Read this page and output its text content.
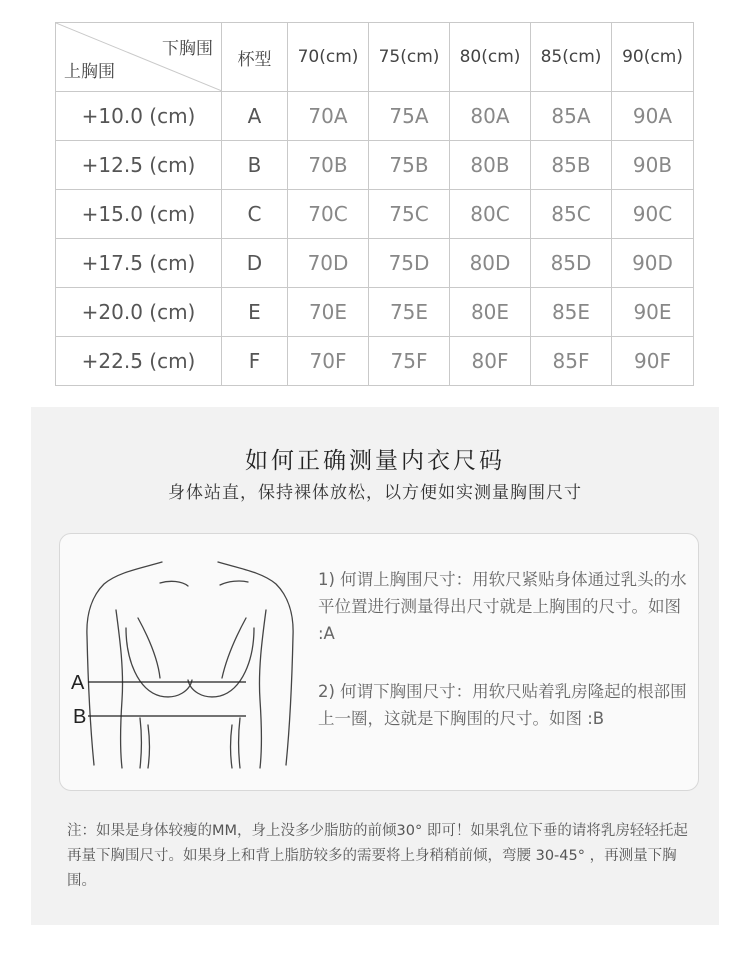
下胸围
上胸围	杯型	70(cm)	75(cm)	80(cm)	85(cm)	90(cm)
+10.0 (cm)	A	70A	75A	80A	85A	90A
+12.5 (cm)	B	70B	75B	80B	85B	90B
+15.0 (cm)	C	70C	75C	80C	85C	90C
+17.5 (cm)	D	70D	75D	80D	85D	90D
+20.0 (cm)	E	70E	75E	80E	85E	90E
+22.5 (cm)	F	70F	75F	80F	85F	90F
如何正确测量内衣尺码
身体站直，保持裸体放松，以方便如实测量胸围尺寸
A
B
1) 何谓上胸围尺寸：用软尺紧贴身体通过乳头的水平位置进行测量得出尺寸就是上胸围的尺寸。如图 :A
2) 何谓下胸围尺寸：用软尺贴着乳房隆起的根部围上一圈，这就是下胸围的尺寸。如图 :B
注：如果是身体较瘦的MM，身上没多少脂肪的前倾30° 即可！如果乳位下垂的请将乳房轻轻托起再量下胸围尺寸。如果身上和背上脂肪较多的需要将上身稍稍前倾，弯腰 30-45° ，再测量下胸围。
